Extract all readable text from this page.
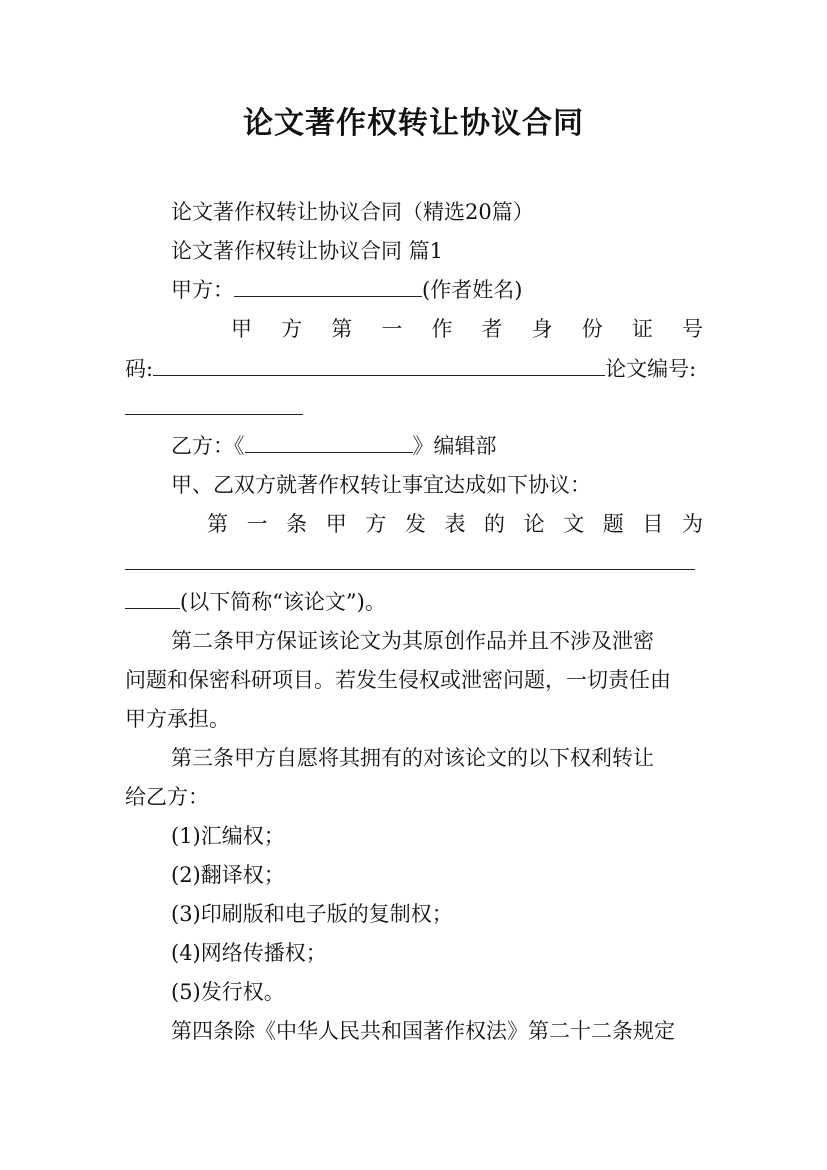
论文著作权转让协议合同
论文著作权转让协议合同（精选20篇）
论文著作权转让协议合同 篇1
甲方：	(作者姓名)
甲 方 第 一 作 者 身 份 证 号
码:	论文编号:
乙方：《	》编辑部
甲、乙双方就著作权转让事宜达成如下协议：
第 一 条 甲 方 发 表 的 论 文 题 目 为
(以下简称“该论文”)。
第二条甲方保证该论文为其原创作品并且不涉及泄密
问题和保密科研项目。若发生侵权或泄密问题，一切责任由
甲方承担。
第三条甲方自愿将其拥有的对该论文的以下权利转让
给乙方：
(1)汇编权；
(2)翻译权；
(3)印刷版和电子版的复制权；
(4)网络传播权；
(5)发行权。
第四条除《中华人民共和国著作权法》第二十二条规定
